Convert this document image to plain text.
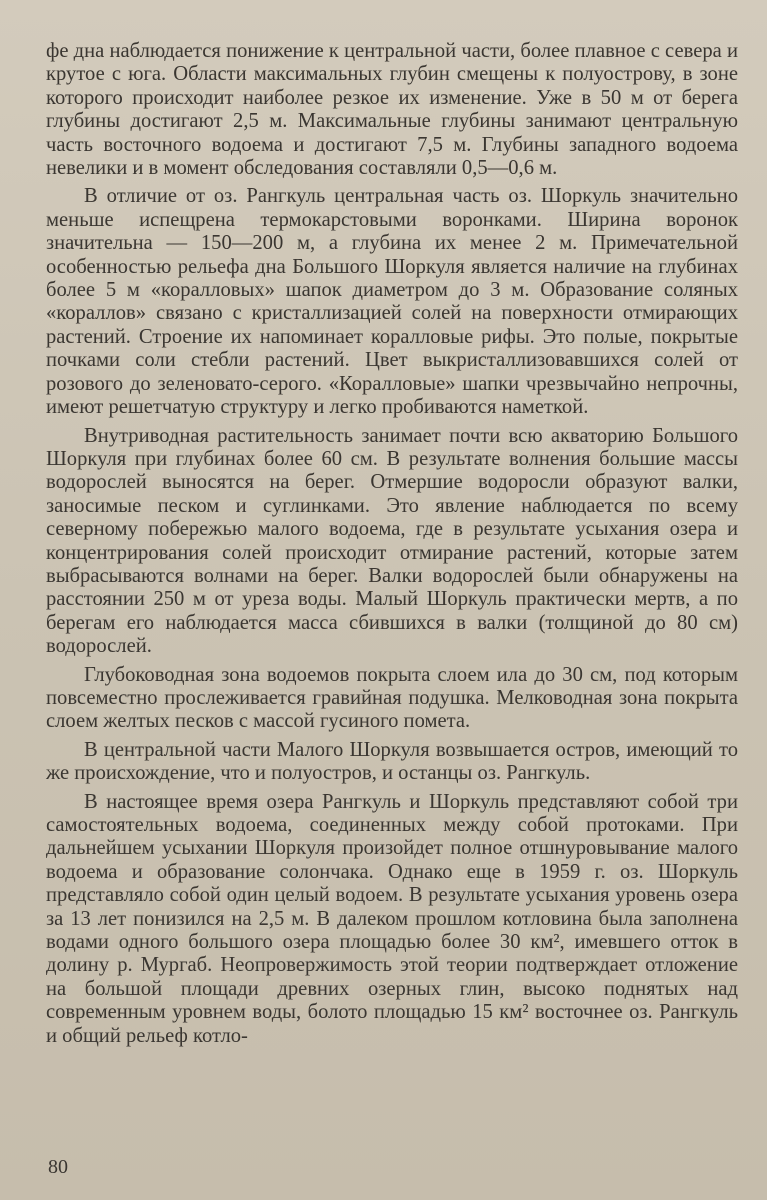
фе дна наблюдается понижение к центральной части, более плавное с севера и крутое с юга. Области максимальных глубин смещены к полуострову, в зоне которого происходит наиболее резкое их изменение. Уже в 50 м от берега глубины достигают 2,5 м. Максимальные глубины занимают центральную часть восточного водоема и достигают 7,5 м. Глубины западного водоема невелики и в момент обследования составляли 0,5—0,6 м.

В отличие от оз. Рангкуль центральная часть оз. Шоркуль значительно меньше испещрена термокарстовыми воронками. Ширина воронок значительна — 150—200 м, а глубина их менее 2 м. Примечательной особенностью рельефа дна Большого Шоркуля является наличие на глубинах более 5 м «коралловых» шапок диаметром до 3 м. Образование соляных «кораллов» связано с кристаллизацией солей на поверхности отмирающих растений. Строение их напоминает коралловые рифы. Это полые, покрытые почками соли стебли растений. Цвет выкристаллизовавшихся солей от розового до зеленовато-серого. «Коралловые» шапки чрезвычайно непрочны, имеют решетчатую структуру и легко пробиваются наметкой.

Внутриводная растительность занимает почти всю акваторию Большого Шоркуля при глубинах более 60 см. В результате волнения большие массы водорослей выносятся на берег. Отмершие водоросли образуют валки, заносимые песком и суглинками. Это явление наблюдается по всему северному побережью малого водоема, где в результате усыхания озера и концентрирования солей происходит отмирание растений, которые затем выбрасываются волнами на берег. Валки водорослей были обнаружены на расстоянии 250 м от уреза воды. Малый Шоркуль практически мертв, а по берегам его наблюдается масса сбившихся в валки (толщиной до 80 см) водорослей.

Глубоководная зона водоемов покрыта слоем ила до 30 см, под которым повсеместно прослеживается гравийная подушка. Мелководная зона покрыта слоем желтых песков с массой гусиного помета.

В центральной части Малого Шоркуля возвышается остров, имеющий то же происхождение, что и полуостров, и останцы оз. Рангкуль.

В настоящее время озера Рангкуль и Шоркуль представляют собой три самостоятельных водоема, соединенных между собой протоками. При дальнейшем усыхании Шоркуля произойдет полное отшнуровывание малого водоема и образование солончака. Однако еще в 1959 г. оз. Шоркуль представляло собой один целый водоем. В результате усыхания уровень озера за 13 лет понизился на 2,5 м. В далеком прошлом котловина была заполнена водами одного большого озера площадью более 30 км², имевшего отток в долину р. Мургаб. Неопровержимость этой теории подтверждает отложение на большой площади древних озерных глин, высоко поднятых над современным уровнем воды, болото площадью 15 км² восточнее оз. Рангкуль и общий рельеф котло-

80
